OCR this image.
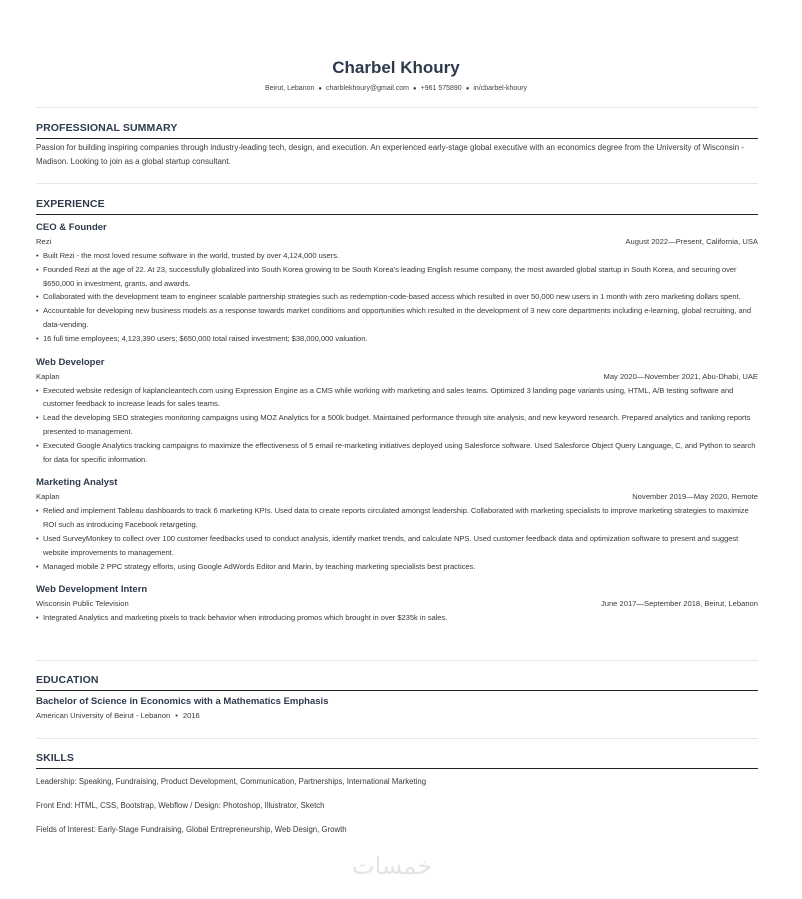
Charbel Khoury
Beirut, Lebanon ● charblekhoury@gmail.com ● +961 575890 ● in/cbarbel-khoury
PROFESSIONAL SUMMARY
Passion for building inspiring companies through industry-leading tech, design, and execution. An experienced early-stage global executive with an economics degree from the University of Wisconsin - Madison. Looking to join as a global startup consultant.
EXPERIENCE
CEO & Founder
Rezi	August 2022—Present, California, USA
• Built Rezi - the most loved resume software in the world, trusted by over 4,124,000 users.
• Founded Rezi at the age of 22. At 23, successfully globalized into South Korea growing to be South Korea's leading English resume company, the most awarded global startup in South Korea, and securing over $650,000 in investment, grants, and awards.
• Collaborated with the development team to engineer scalable partnership strategies such as redemption-code-based access which resulted in over 50,000 new users in 1 month with zero marketing dollars spent.
• Accountable for developing new business models as a response towards market conditions and opportunities which resulted in the development of 3 new core departments including e-learning, global recruiting, and data-vending.
• 16 full time employees; 4,123,390 users; $650,000 total raised investment; $38,000,000 valuation.
Web Developer
Kaplan	May 2020—November 2021, Abu-Dhabi, UAE
• Executed website redesign of kaplancleantech.com using Expression Engine as a CMS while working with marketing and sales teams. Optimized 3 landing page variants using, HTML, A/B testing software and customer feedback to increase leads for sales teams.
• Lead the developing SEO strategies monitoring campaigns using MOZ Analytics for a 500k budget. Maintained performance through site analysis, and new keyword research. Prepared analytics and ranking reports presented to management.
• Executed Google Analytics tracking campaigns to maximize the effectiveness of 5 email re-marketing initiatives deployed using Salesforce software. Used Salesforce Object Query Language, C, and Python to search for data for specific information.
Marketing Analyst
Kaplan	November 2019—May 2020, Remote
• Relied and implement Tableau dashboards to track 6 marketing KPIs. Used data to create reports circulated amongst leadership. Collaborated with marketing specialists to improve marketing strategies to maximize ROI such as introducing Facebook retargeting.
• Used SurveyMonkey to collect over 100 customer feedbacks used to conduct analysis, identify market trends, and calculate NPS. Used customer feedback data and optimization software to present and suggest website improvements to management.
• Managed mobile 2 PPC strategy efforts, using Google AdWords Editor and Marin, by teaching marketing specialists best practices.
Web Development Intern
Wisconsin Public Television	June 2017—September 2018, Beirut, Lebanon
• Integrated Analytics and marketing pixels to track behavior when introducing promos which brought in over $235k in sales.
EDUCATION
Bachelor of Science in Economics with a Mathematics Emphasis
American University of Beirut - Lebanon • 2016
SKILLS
Leadership: Speaking, Fundraising, Product Development, Communication, Partnerships, International Marketing
Front End: HTML, CSS, Bootstrap, Webflow / Design: Photoshop, Illustrator, Sketch
Fields of Interest: Early-Stage Fundraising, Global Entrepreneurship, Web Design, Growth
خمسات
